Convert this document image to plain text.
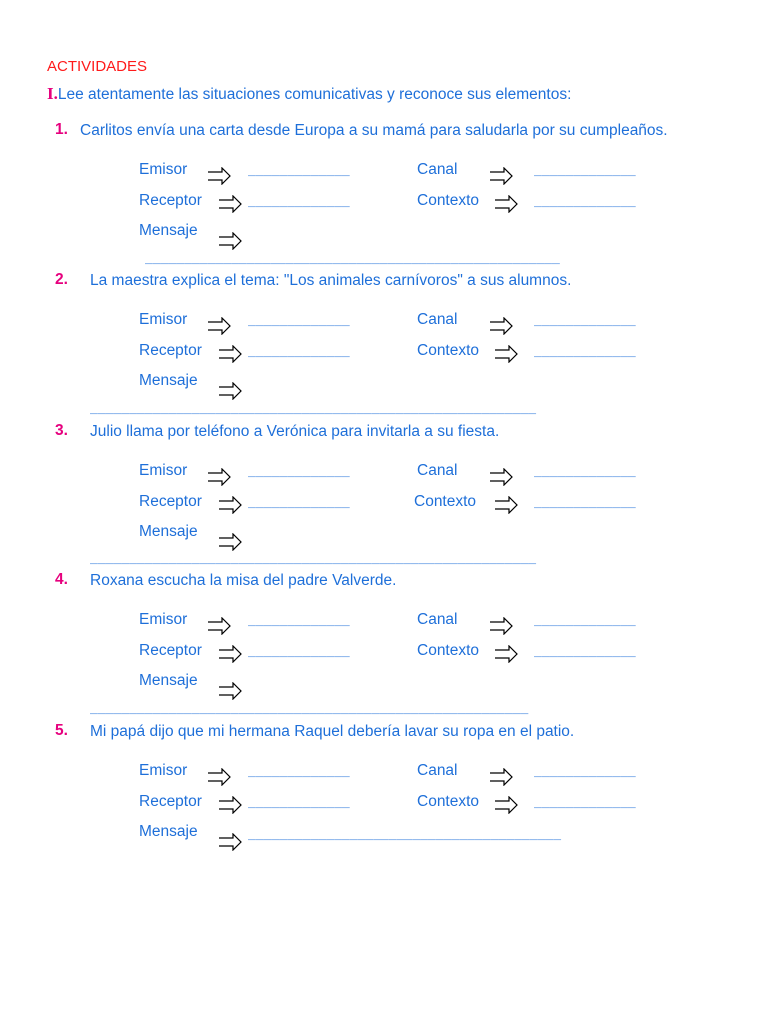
ACTIVIDADES
I.Lee atentamente las situaciones comunicativas y reconoce sus elementos:
1. Carlitos envía una carta desde Europa a su mamá para saludarla por su cumpleaños.
Emisor	_____________	Canal	_____________
Receptor	_____________	Contexto	_____________
Mensaje
_____________________________________________________
2. La maestra explica el tema: "Los animales carnívoros" a sus alumnos.
Emisor	_____________	Canal	_____________
Receptor	_____________	Contexto	_____________
Mensaje
_________________________________________________________
3. Julio llama por teléfono a Verónica para invitarla a su fiesta.
Emisor	_____________	Canal	_____________
Receptor	_____________	Contexto	_____________
Mensaje
_________________________________________________________
4. Roxana escucha la misa del padre Valverde.
Emisor	_____________	Canal	_____________
Receptor	_____________	Contexto	_____________
Mensaje
________________________________________________________
5. Mi papá dijo que mi hermana Raquel debería lavar su ropa en el patio.
Emisor	_____________	Canal	_____________
Receptor	_____________	Contexto	_____________
Mensaje	________________________________________
